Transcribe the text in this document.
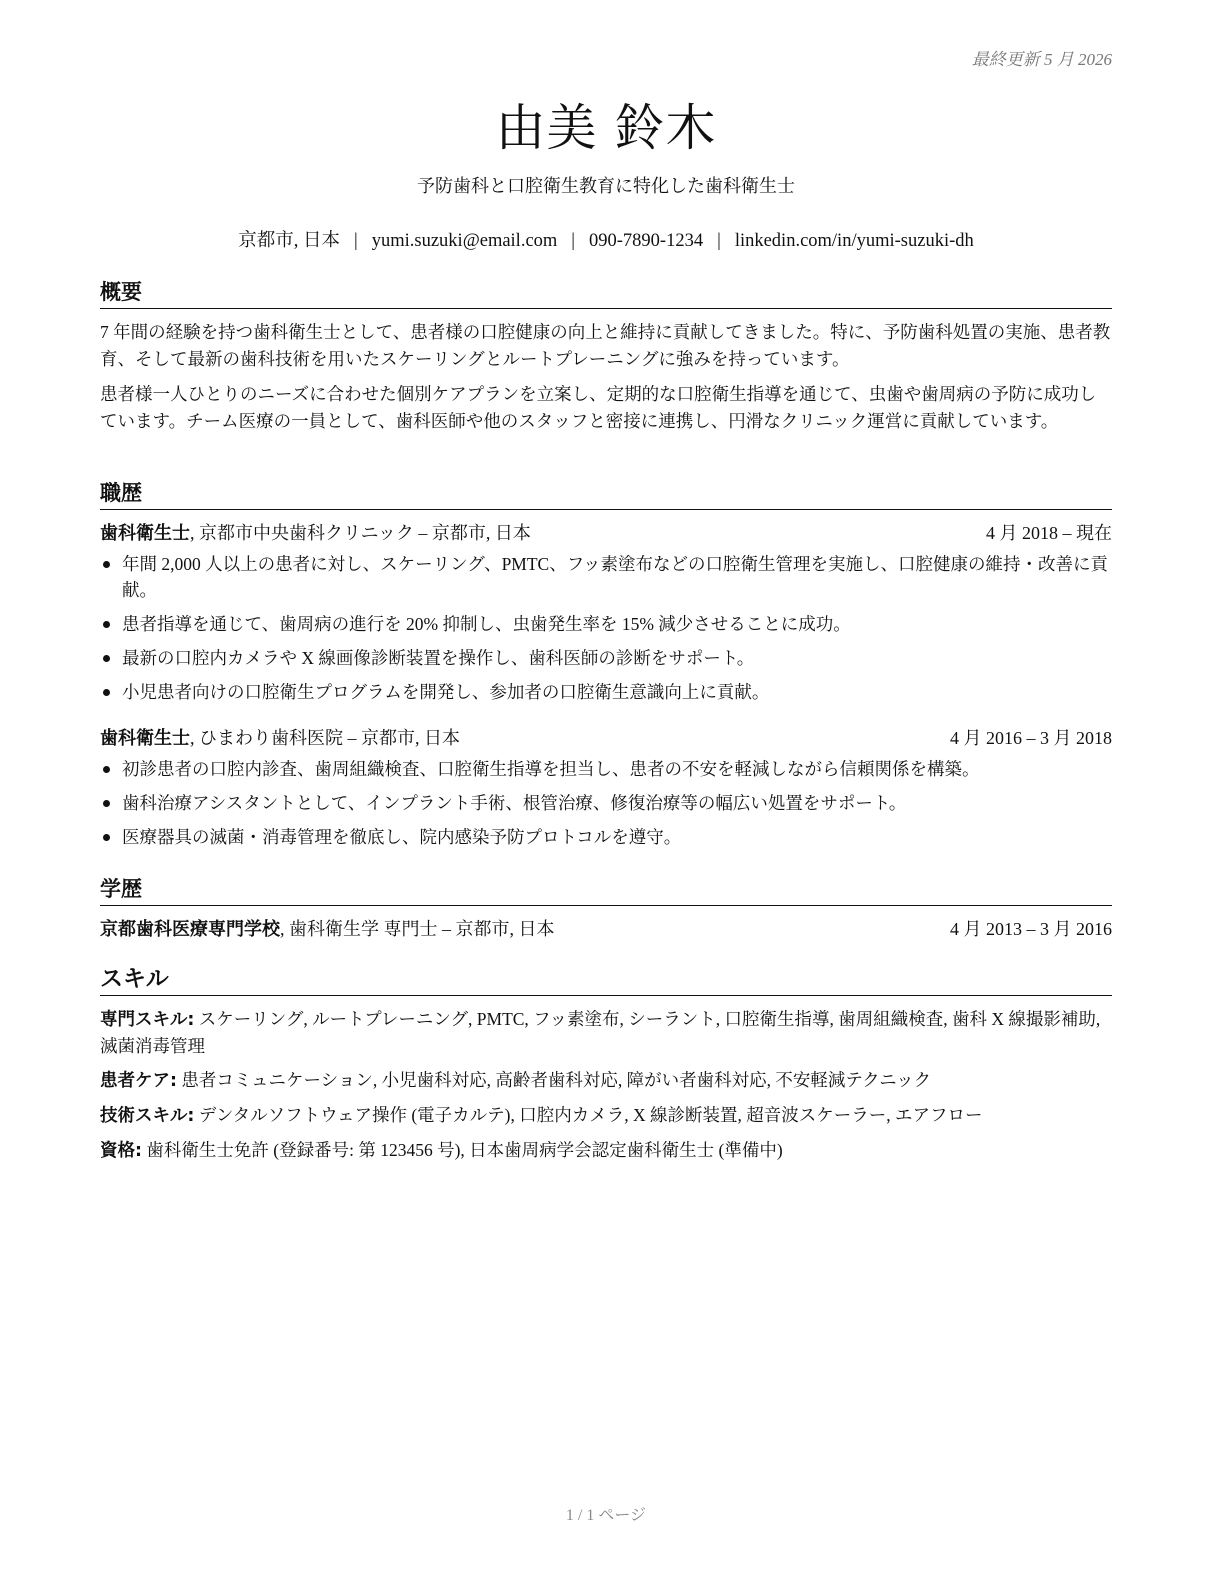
最終更新 5 月 2026
由美 鈴木
予防歯科と口腔衛生教育に特化した歯科衛生士
京都市, 日本 | yumi.suzuki@email.com | 090-7890-1234 | linkedin.com/in/yumi-suzuki-dh
概要

7 年間の経験を持つ歯科衛生士として、患者様の口腔健康の向上と維持に貢献してきました。特に、予防歯科処置の実施、患者教育、そして最新の歯科技術を用いたスケーリングとルートプレーニングに強みを持っています。

患者様一人ひとりのニーズに合わせた個別ケアプランを立案し、定期的な口腔衛生指導を通じて、虫歯や歯周病の予防に成功しています。チーム医療の一員として、歯科医師や他のスタッフと密接に連携し、円滑なクリニック運営に貢献しています。

職歴
歯科衛生士, 京都市中央歯科クリニック – 京都市, 日本	4 月 2018 – 現在
年間 2,000 人以上の患者に対し、スケーリング、PMTC、フッ素塗布などの口腔衛生管理を実施し、口腔健康の維持・改善に貢献。
患者指導を通じて、歯周病の進行を 20% 抑制し、虫歯発生率を 15% 減少させることに成功。
最新の口腔内カメラや X 線画像診断装置を操作し、歯科医師の診断をサポート。
小児患者向けの口腔衛生プログラムを開発し、参加者の口腔衛生意識向上に貢献。
歯科衛生士, ひまわり歯科医院 – 京都市, 日本	4 月 2016 – 3 月 2018
初診患者の口腔内診査、歯周組織検査、口腔衛生指導を担当し、患者の不安を軽減しながら信頼関係を構築。
歯科治療アシスタントとして、インプラント手術、根管治療、修復治療等の幅広い処置をサポート。
医療器具の滅菌・消毒管理を徹底し、院内感染予防プロトコルを遵守。
学歴
京都歯科医療専門学校, 歯科衛生学 専門士 – 京都市, 日本	4 月 2013 – 3 月 2016
スキル
専門スキル: スケーリング, ルートプレーニング, PMTC, フッ素塗布, シーラント, 口腔衛生指導, 歯周組織検査, 歯科 X 線撮影補助, 滅菌消毒管理
患者ケア: 患者コミュニケーション, 小児歯科対応, 高齢者歯科対応, 障がい者歯科対応, 不安軽減テクニック
技術スキル: デンタルソフトウェア操作 (電子カルテ), 口腔内カメラ, X 線診断装置, 超音波スケーラー, エアフロー
資格: 歯科衛生士免許 (登録番号: 第 123456 号), 日本歯周病学会認定歯科衛生士 (準備中)
1 / 1 ページ
